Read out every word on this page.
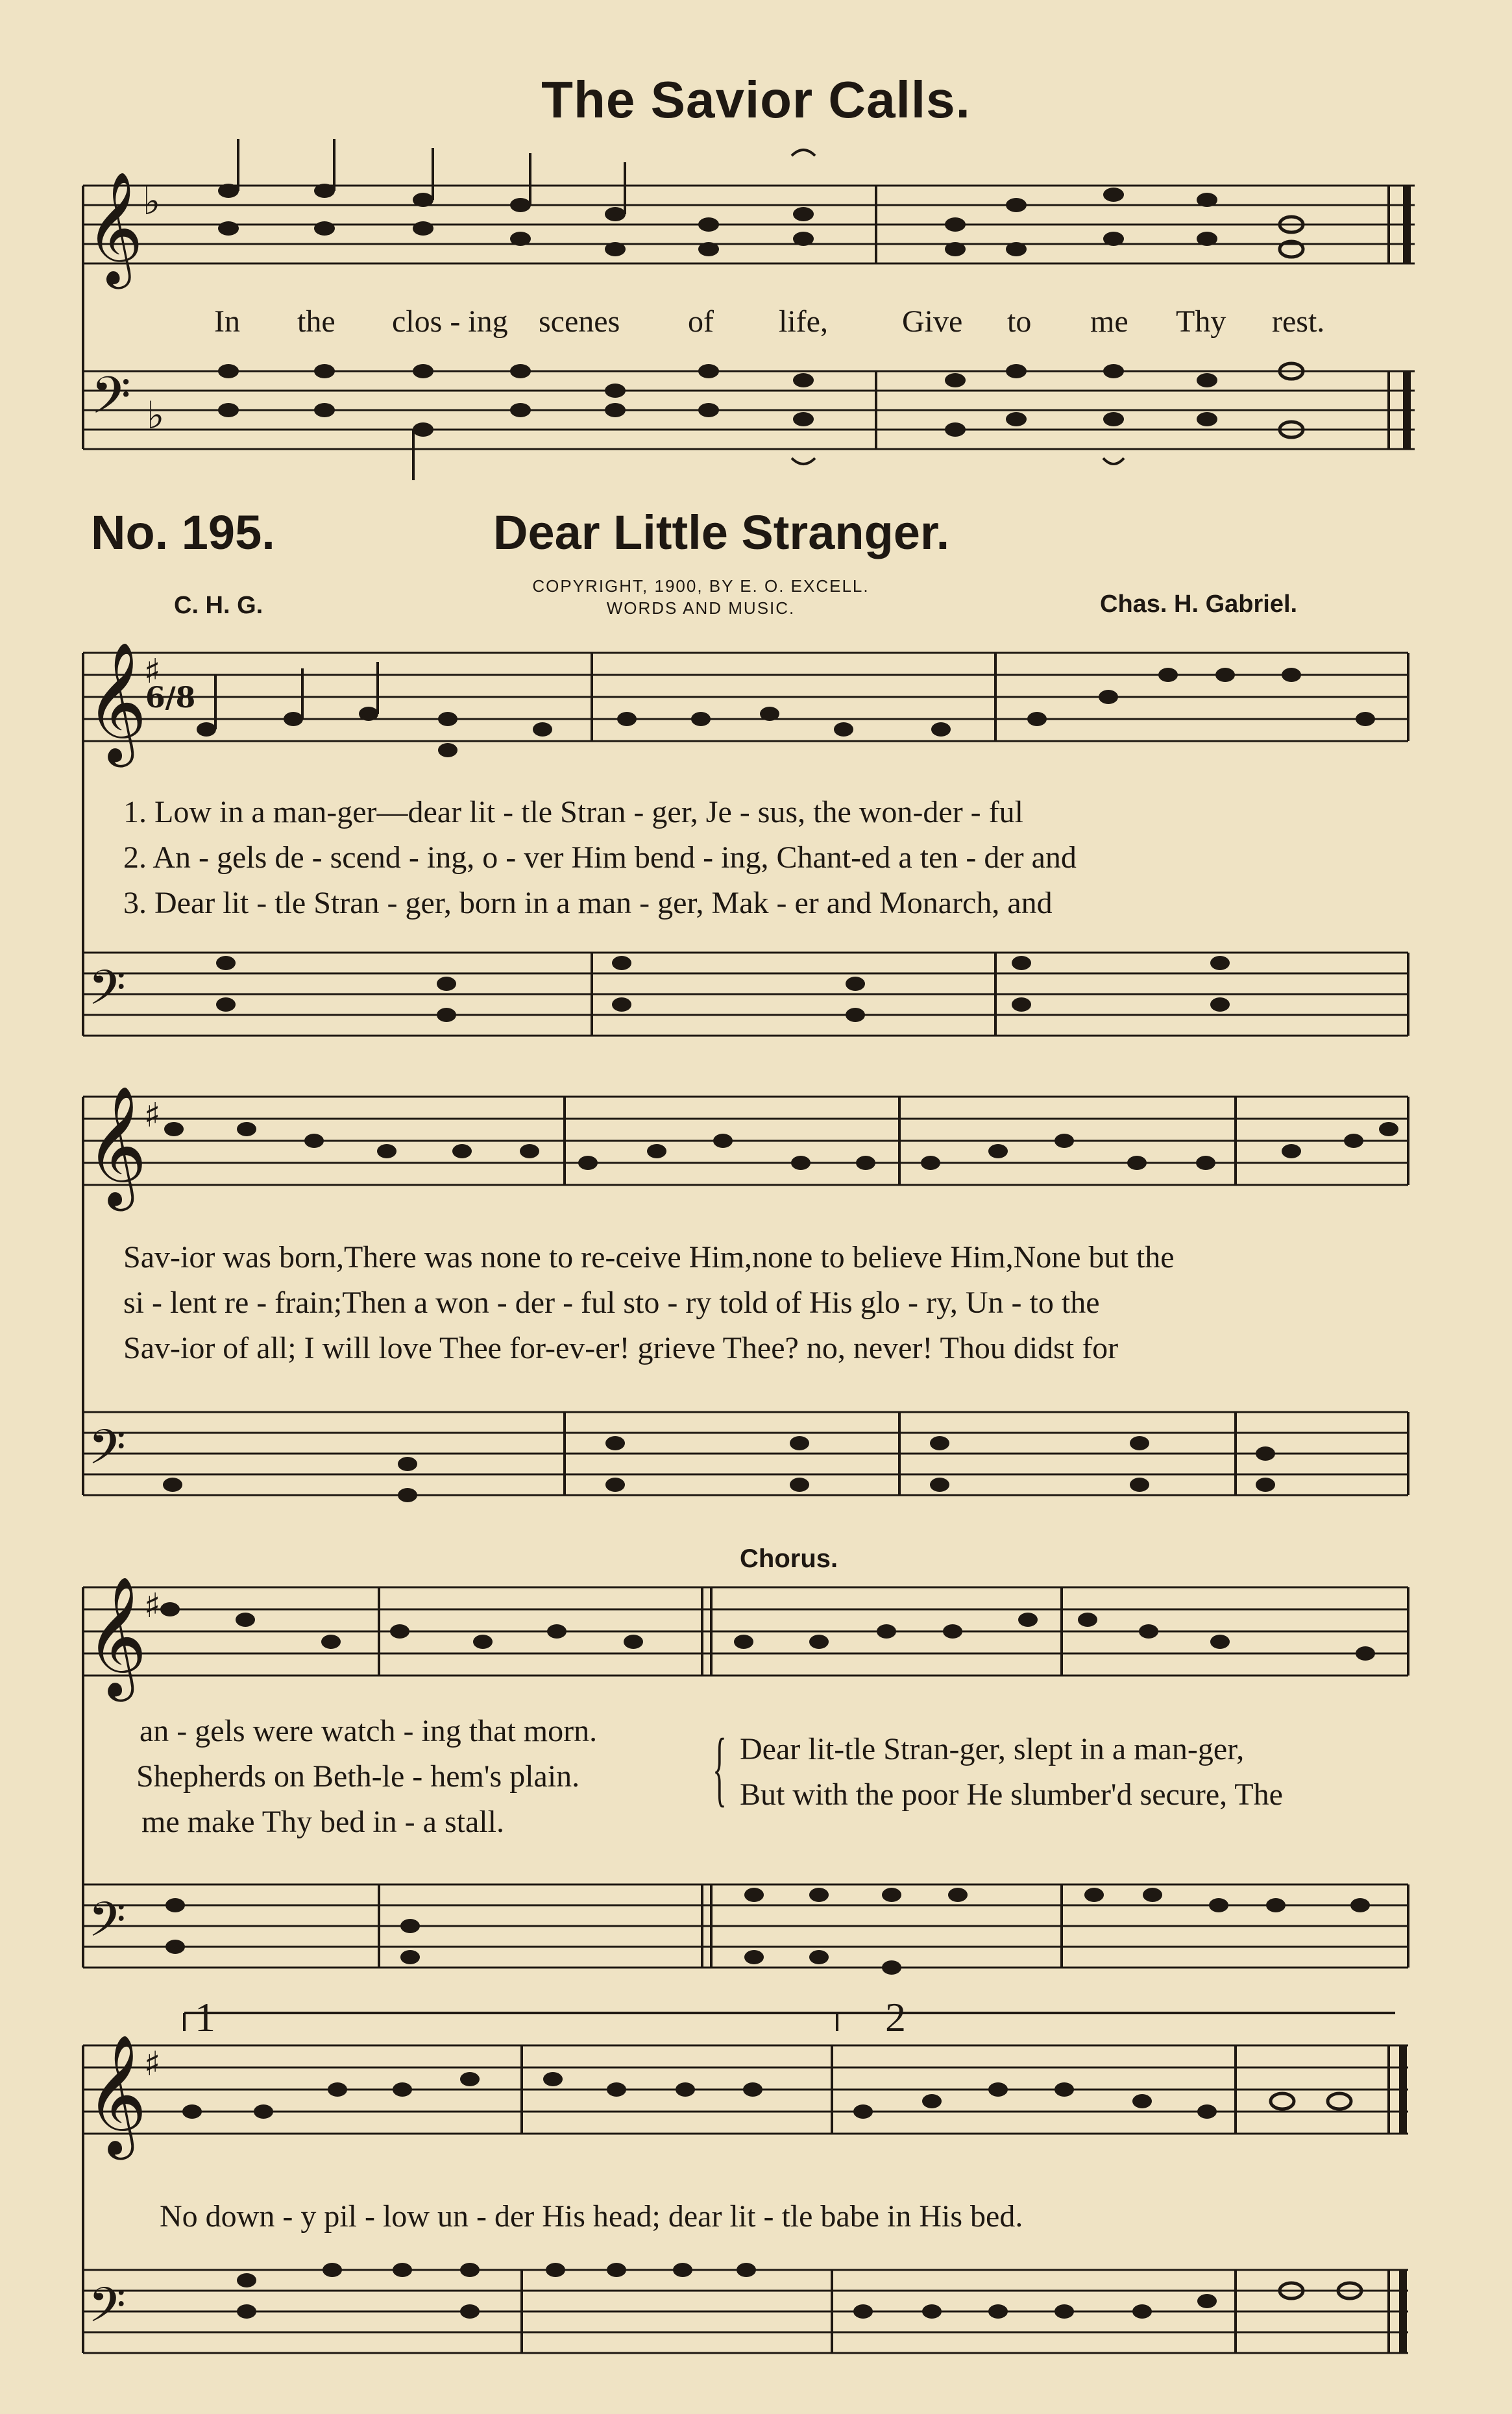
The Savior Calls.
No. 195.	Dear Little Stranger.
COPYRIGHT, 1900, BY E. O. EXCELL.
WORDS AND MUSIC.
C. H. G.	Chas. H. Gabriel.
In the clos - ing scenes of life, Give to me Thy rest.
1. Low in a man-ger—dear lit - tle Stran - ger, Je - sus, the won-der - ful
2. An - gels de - scend - ing, o - ver Him bend - ing, Chant-ed a ten - der and
3. Dear lit - tle Stran - ger, born in a man - ger, Mak - er and Monarch, and
Sav-ior was born,There was none to re-ceive Him,none to believe Him,None but the
si - lent re - frain;Then a won - der - ful sto - ry told of His glo - ry, Un - to the
Sav-ior of all; I will love Thee for-ev-er! grieve Thee? no, never! Thou didst for
Chorus.
an - gels were watch - ing that morn.
Shepherds on Beth-le - hem's plain.
me make Thy bed in - a stall.
{ Dear lit-tle Stran-ger, slept in a man-ger,
But with the poor He slumber'd secure, The
1	2
No down - y pil - low un - der His head; dear lit - tle babe in His bed.
𝄞 ♭
𝄢 ♭
𝄞
♯
6/8
𝄢
𝄞
♯
𝄢
𝄞
♯
𝄢
𝄞
♯
𝄢
